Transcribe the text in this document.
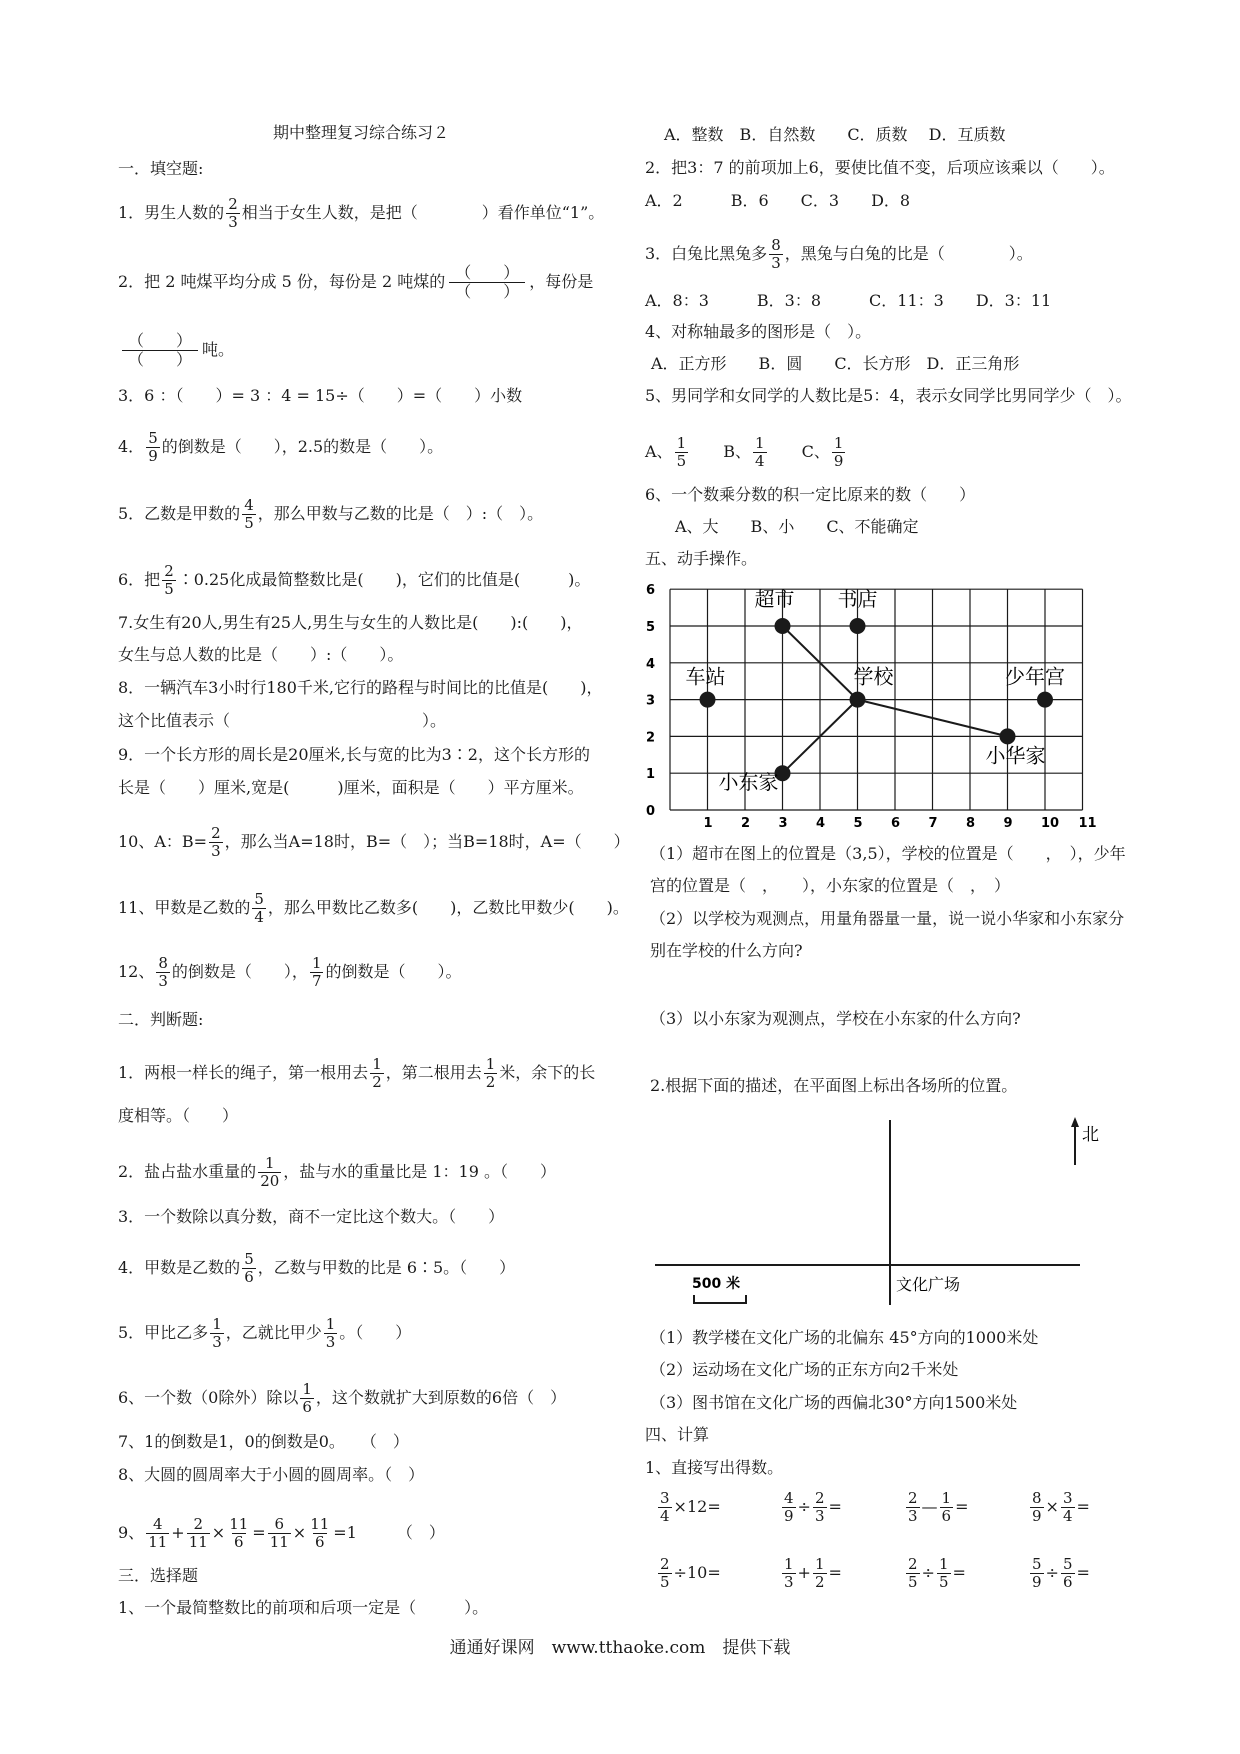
期中整理复习综合练习２
一．填空题:
1．男生人数的 $\frac{2}{3}$ 相当于女生人数，是把（　　　　）看作单位“1”。
2．把 2 吨煤平均分成 5 份，每份是 2 吨煤的 （　　）
（　　）
，每份是
（　　）
（　　）
吨。
3．6 ：（　　）= 3 ：4 = 15÷（　　）=（　　）小数
4． $\frac{5}{9}$ 的倒数是（　　），2.5的数是（　　）。
5．乙数是甲数的 $\frac{4}{5}$ ，那么甲数与乙数的比是（　）:（　）。
6．把 $\frac{2}{5}$ ∶0.25化成最简整数比是(　　)，它们的比值是(　　　)。
7.女生有20人,男生有25人,男生与女生的人数比是(　　):(　　)，
女生与总人数的比是（　　）:（　　）。
8．一辆汽车3小时行180千米,它行的路程与时间比的比值是(　　)，
这个比值表示（　　　　　　　　　　　　）。
9．一个长方形的周长是20厘米,长与宽的比为3∶2，这个长方形的
长是（　　）厘米,宽是(　　　)厘米，面积是（　　）平方厘米。
10、A：$B= \frac{2}{3}$ ，那么当A=18时，B=（　）；当B=18时，A=（　　）
11、甲数是乙数的 $\frac{5}{4}$ ，那么甲数比乙数多(　　)，乙数比甲数少(　　)。
12、 $\frac{8}{3}$ 的倒数是（　　）， $\frac{1}{7}$ 的倒数是（　　）。
二．判断题:
1．两根一样长的绳子，第一根用去 $\frac{1}{2}$ ，第二根用去 $\frac{1}{2}$ 米，余下的长
度相等。（　　）
2．盐占盐水重量的 $\frac{1}{20}$ ，盐与水的重量比是 1：19 。（　　）
3．一个数除以真分数，商不一定比这个数大。（　　）
4．甲数是乙数的 $\frac{5}{6}$ ，乙数与甲数的比是 6∶5。（　　）
5．甲比乙多 $\frac{1}{3}$ ，乙就比甲少 $\frac{1}{3}$ 。（　　）
6、一个数（0除外）除以 $\frac{1}{6}$ ，这个数就扩大到原数的6倍（　）
7、1的倒数是1，0的倒数是0。　　（　）
8、大圆的圆周率大于小圆的圆周率。（　）
9、 $\frac{4}{11} + \frac{2}{11} \times \frac{11}{6} = \frac{6}{11} \times \frac{11}{6} =1$　　　（　）
三．选择题
1、一个最简整数比的前项和后项一定是（　　　）。
A．整数　B．自然数　　C．质数　 D．互质数
2．把3：7 的前项加上6，要使比值不变，后项应该乘以（　　）。
A．2　　　B．6　　C．3　　D．8
3．白兔比黑兔多 $\frac{8}{3}$ ，黑兔与白兔的比是（　　　　）。
A．8：3　　　B．3：8　　　C．11：3　　D．3：11
4、对称轴最多的图形是（　）。
A．正方形　　B．圆　　C．长方形　D．正三角形
5、男同学和女同学的人数比是5：4，表示女同学比男同学少（　）。
A、 $\frac{1}{5}$ B、 $\frac{1}{4}$ C、 $\frac{1}{9}$
6、一个数乘分数的积一定比原来的数（　　）
A、大　　B、小　　C、不能确定
五、动手操作。
1 2 3 4 5 6 7 8 9 10 11
0
1
2
3
4
5
6	超市 书店
车站	学校	少年宫
小华家
小东家
（1）超市在图上的位置是（3,5），学校的位置是（　　，　），少年
宫的位置是（　，　　），小东家的位置是（　，　）
（2）以学校为观测点，用量角器量一量，说一说小华家和小东家分
别在学校的什么方向?
（3）以小东家为观测点，学校在小东家的什么方向?
2.根据下面的描述，在平面图上标出各场所的位置。
北
文化广场
500 米
（1）教学楼在文化广场的北偏东 45°方向的1000米处
（2）运动场在文化广场的正东方向2千米处
（3）图书馆在文化广场的西偏北30°方向1500米处
四、计算
1、直接写出得数。
$\frac{3}{4} \times 12=$	$\frac{4}{9} \div \frac{2}{3}$ =	$\frac{2}{3}$ — $\frac{1}{6}$ =	$\frac{8}{9} \times \frac{3}{4}$ =
$\frac{2}{5} \div 10=$	$\frac{1}{3} + \frac{1}{2}$ =	$\frac{2}{5} \div \frac{1}{5}$ =	$\frac{5}{9} \div \frac{5}{6}$ =
通通好课网　www.tthaoke.com　提供下载
